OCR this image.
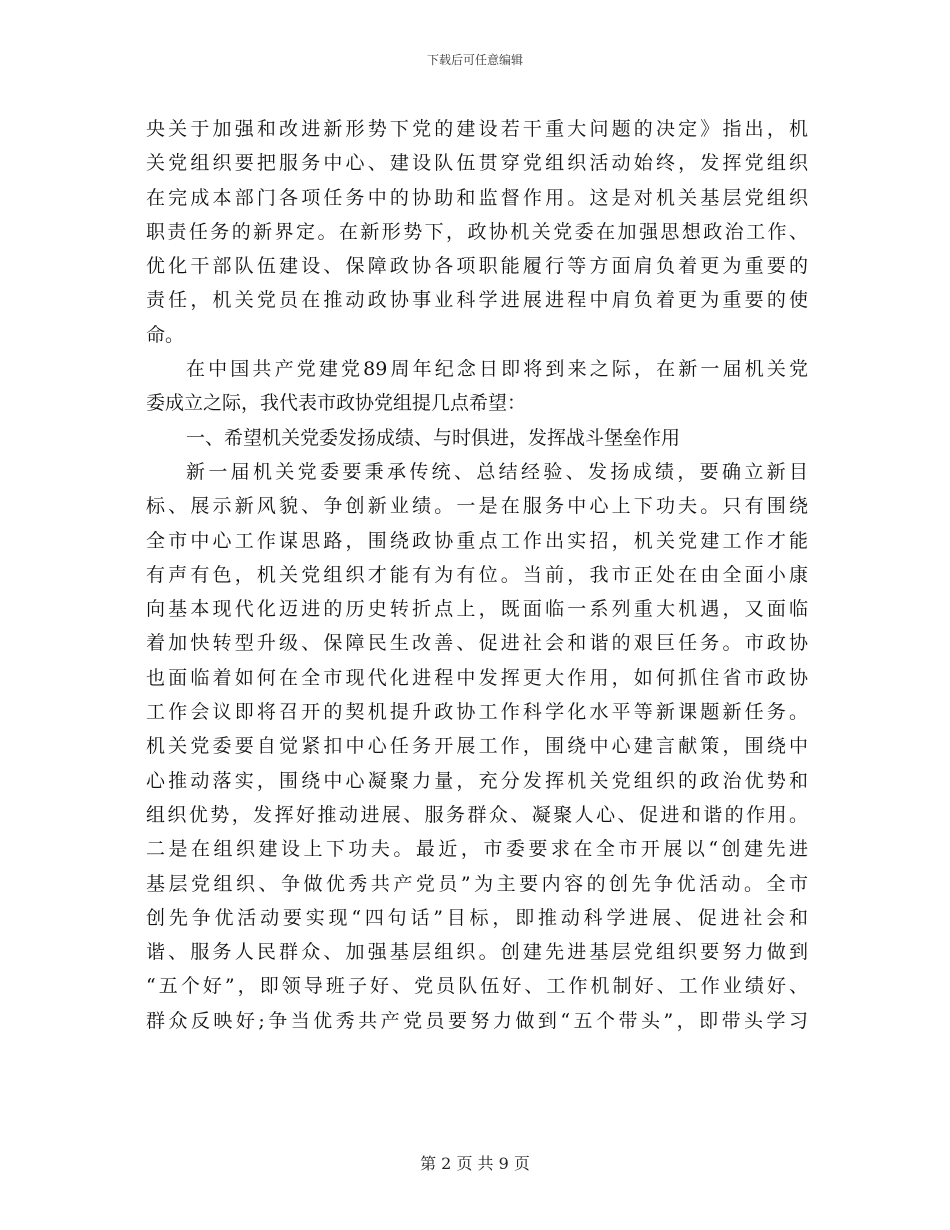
下载后可任意编辑
央关于加强和改进新形势下党的建设若干重大问题的决定》指出，机
关党组织要把服务中心、建设队伍贯穿党组织活动始终，发挥党组织
在完成本部门各项任务中的协助和监督作用。这是对机关基层党组织
职责任务的新界定。在新形势下，政协机关党委在加强思想政治工作、
优化干部队伍建设、保障政协各项职能履行等方面肩负着更为重要的
责任，机关党员在推动政协事业科学进展进程中肩负着更为重要的使
命。
在中国共产党建党89周年纪念日即将到来之际，在新一届机关党
委成立之际，我代表市政协党组提几点希望：
一、希望机关党委发扬成绩、与时俱进，发挥战斗堡垒作用
新一届机关党委要秉承传统、总结经验、发扬成绩，要确立新目
标、展示新风貌、争创新业绩。一是在服务中心上下功夫。只有围绕
全市中心工作谋思路，围绕政协重点工作出实招，机关党建工作才能
有声有色，机关党组织才能有为有位。当前，我市正处在由全面小康
向基本现代化迈进的历史转折点上，既面临一系列重大机遇，又面临
着加快转型升级、保障民生改善、促进社会和谐的艰巨任务。市政协
也面临着如何在全市现代化进程中发挥更大作用，如何抓住省市政协
工作会议即将召开的契机提升政协工作科学化水平等新课题新任务。
机关党委要自觉紧扣中心任务开展工作，围绕中心建言献策，围绕中
心推动落实，围绕中心凝聚力量，充分发挥机关党组织的政治优势和
组织优势，发挥好推动进展、服务群众、凝聚人心、促进和谐的作用。
二是在组织建设上下功夫。最近，市委要求在全市开展以“创建先进
基层党组织、争做优秀共产党员”为主要内容的创先争优活动。全市
创先争优活动要实现“四句话”目标，即推动科学进展、促进社会和
谐、服务人民群众、加强基层组织。创建先进基层党组织要努力做到
“五个好”，即领导班子好、党员队伍好、工作机制好、工作业绩好、
群众反映好;争当优秀共产党员要努力做到“五个带头”，即带头学习
第 2 页 共 9 页
